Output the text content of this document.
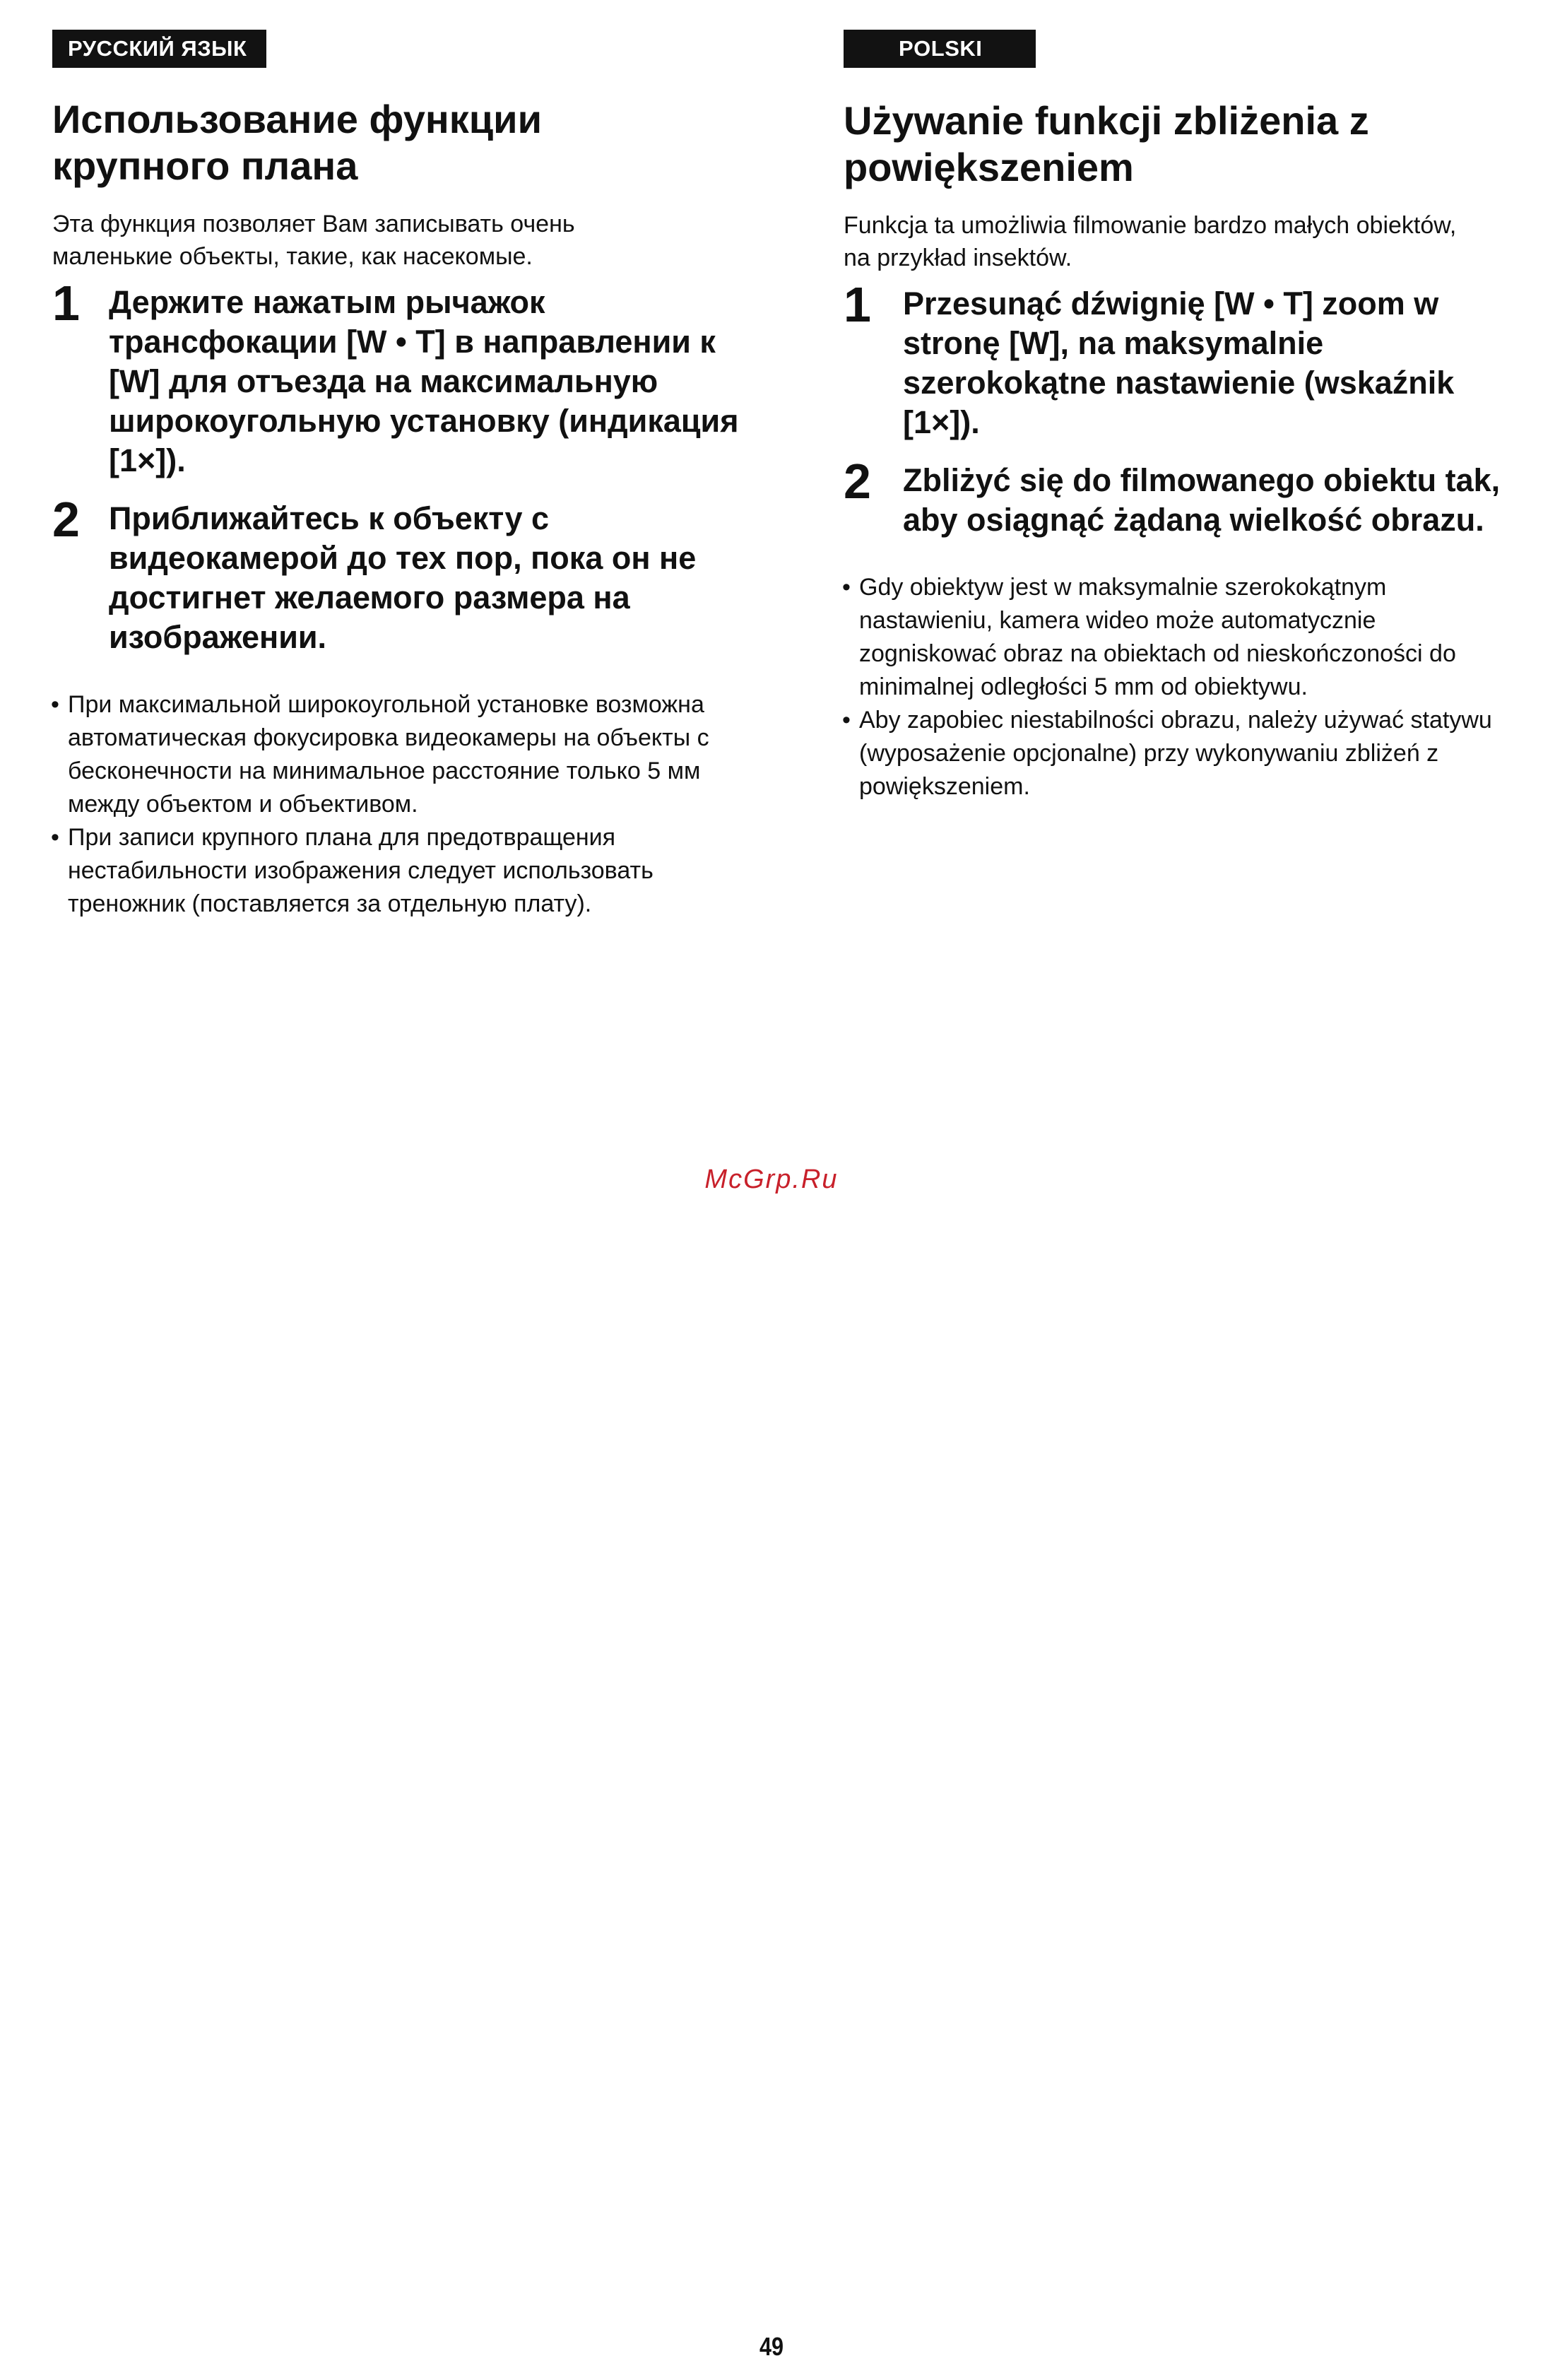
РУССКИЙ ЯЗЫК
Использование функции
крупного плана

Эта функция позволяет Вам записывать очень маленькие объекты, такие, как насекомые.

1 Держите нажатым рычажок трансфокации [W • T] в направлении к [W] для отъезда на максимальную широкоугольную установку (индикация [1×]).
2 Приближайтесь к объекту с видеокамерой до тех пор, пока он не достигнет желаемого размера на изображении.
• При максимальной широкоугольной установке возможна автоматическая фокусировка видеокамеры на объекты с бесконечности на минимальное расстояние только 5 мм между объектом и объективом.
• При записи крупного плана для предотвращения нестабильности изображения следует использовать треножник (поставляется за отдельную плату).
POLSKI
Używanie funkcji zbliżenia z
powiększeniem

Funkcja ta umożliwia filmowanie bardzo małych obiektów, na przykład insektów.

1 Przesunąć dźwignię [W • T] zoom w stronę [W], na maksymalnie szerokokątne nastawienie (wskaźnik [1×]).
2 Zbliżyć się do filmowanego obiektu tak, aby osiągnąć żądaną wielkość obrazu.
• Gdy obiektyw jest w maksymalnie szerokokątnym nastawieniu, kamera wideo może automatycznie zogniskować obraz na obiektach od nieskończoności do minimalnej odległości 5 mm od obiektywu.
• Aby zapobiec niestabilności obrazu, należy używać statywu (wyposażenie opcjonalne) przy wykonywaniu zbliżeń z powiększeniem.
McGrp.Ru
49
